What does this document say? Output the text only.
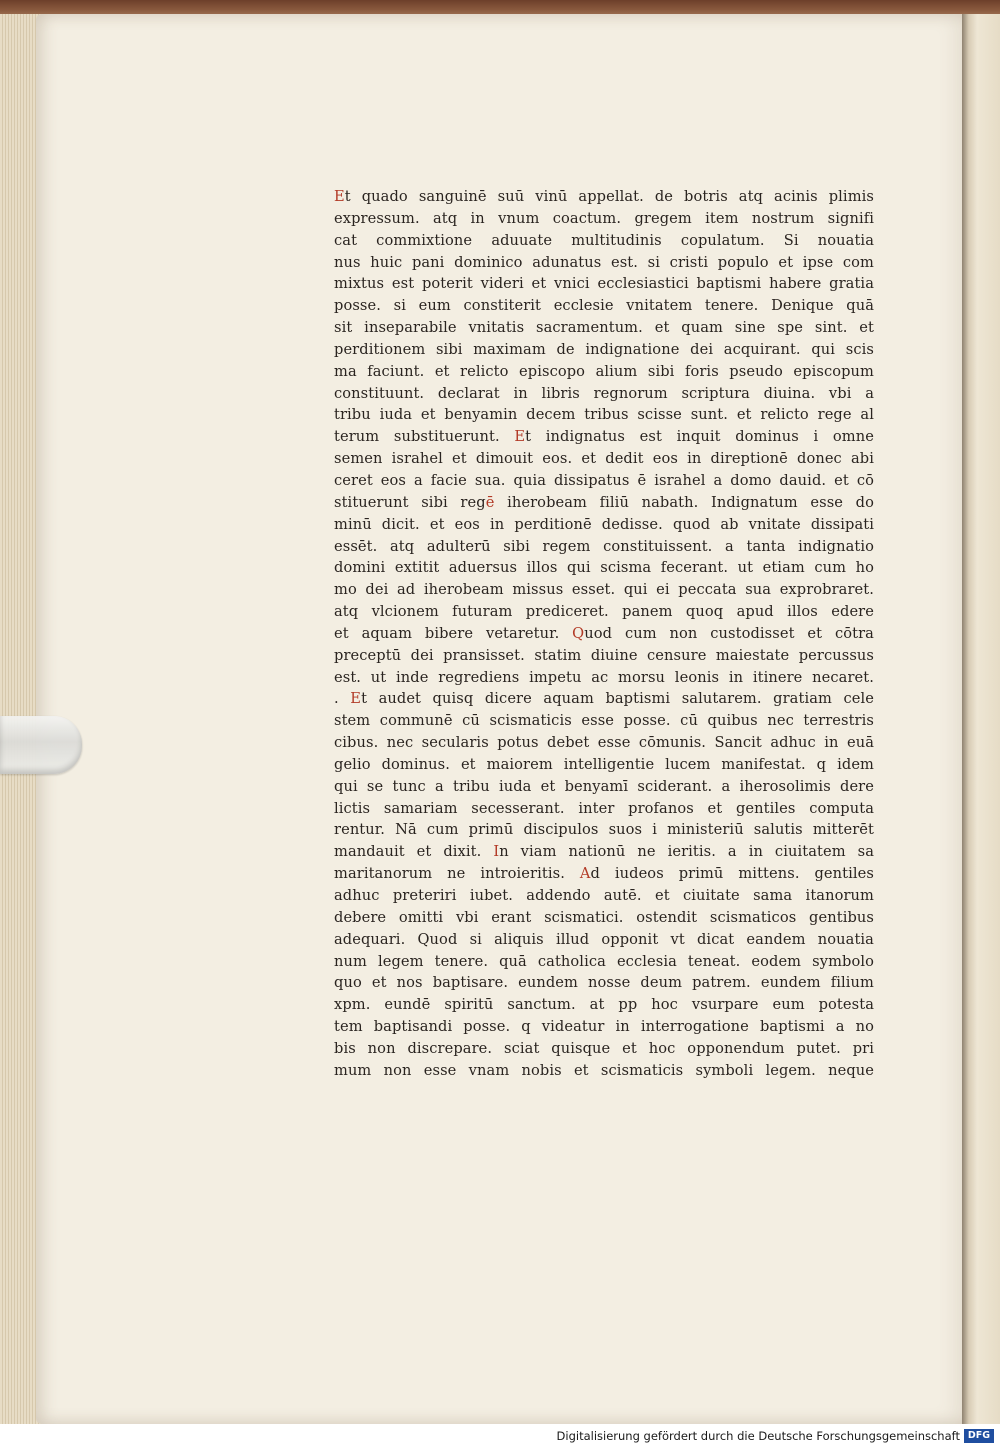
Et quado sanguinē suū vinū appellat. de botris atq acinis plimis
expressum. atq in vnum coactum. gregem item nostrum signifi
cat commixtione aduuate multitudinis copulatum. Si nouatia
nus huic pani dominico adunatus est. si cristi populo et ipse com
mixtus est poterit videri et vnici ecclesiastici baptismi habere gratia
posse. si eum constiterit ecclesie vnitatem tenere. Denique quā
sit inseparabile vnitatis sacramentum. et quam sine spe sint. et
perditionem sibi maximam de indignatione dei acquirant. qui scis
ma faciunt. et relicto episcopo alium sibi foris pseudo episcopum
constituunt. declarat in libris regnorum scriptura diuina. vbi a
tribu iuda et benyamin decem tribus scisse sunt. et relicto rege al
terum substituerunt. Et indignatus est inquit dominus i omne
semen israhel et dimouit eos. et dedit eos in direptionē donec abi
ceret eos a facie sua. quia dissipatus ē israhel a domo dauid. et cō
stituerunt sibi regē iherobeam filiū nabath. Indignatum esse do
minū dicit. et eos in perditionē dedisse. quod ab vnitate dissipati
essēt. atq adulterū sibi regem constituissent. a tanta indignatio
domini extitit aduersus illos qui scisma fecerant. ut etiam cum ho
mo dei ad iherobeam missus esset. qui ei peccata sua exprobraret.
atq vlcionem futuram prediceret. panem quoq apud illos edere
et aquam bibere vetaretur. Quod cum non custodisset et cōtra
preceptū dei pransisset. statim diuine censure maiestate percussus
est. ut inde regrediens impetu ac morsu leonis in itinere necaret.
. Et audet quisq dicere aquam baptismi salutarem. gratiam cele
stem communē cū scismaticis esse posse. cū quibus nec terrestris
cibus. nec secularis potus debet esse cōmunis. Sancit adhuc in euā
gelio dominus. et maiorem intelligentie lucem manifestat. q idem
qui se tunc a tribu iuda et benyamī sciderant. a iherosolimis dere
lictis samariam secesserant. inter profanos et gentiles computa
rentur. Nā cum primū discipulos suos i ministeriū salutis mitterēt
mandauit et dixit. In viam nationū ne ieritis. a in ciuitatem sa
maritanorum ne introieritis. Ad iudeos primū mittens. gentiles
adhuc preteriri iubet. addendo autē. et ciuitate sama itanorum
debere omitti vbi erant scismatici. ostendit scismaticos gentibus
adequari. Quod si aliquis illud opponit vt dicat eandem nouatia
num legem tenere. quā catholica ecclesia teneat. eodem symbolo
quo et nos baptisare. eundem nosse deum patrem. eundem filium
xpm. eundē spiritū sanctum. at pp hoc vsurpare eum potesta
tem baptisandi posse. q videatur in interrogatione baptismi a no
bis non discrepare. sciat quisque et hoc opponendum putet. pri
mum non esse vnam nobis et scismaticis symboli legem. neque
Digitalisierung gefördert durch die Deutsche Forschungsgemeinschaft DFG
